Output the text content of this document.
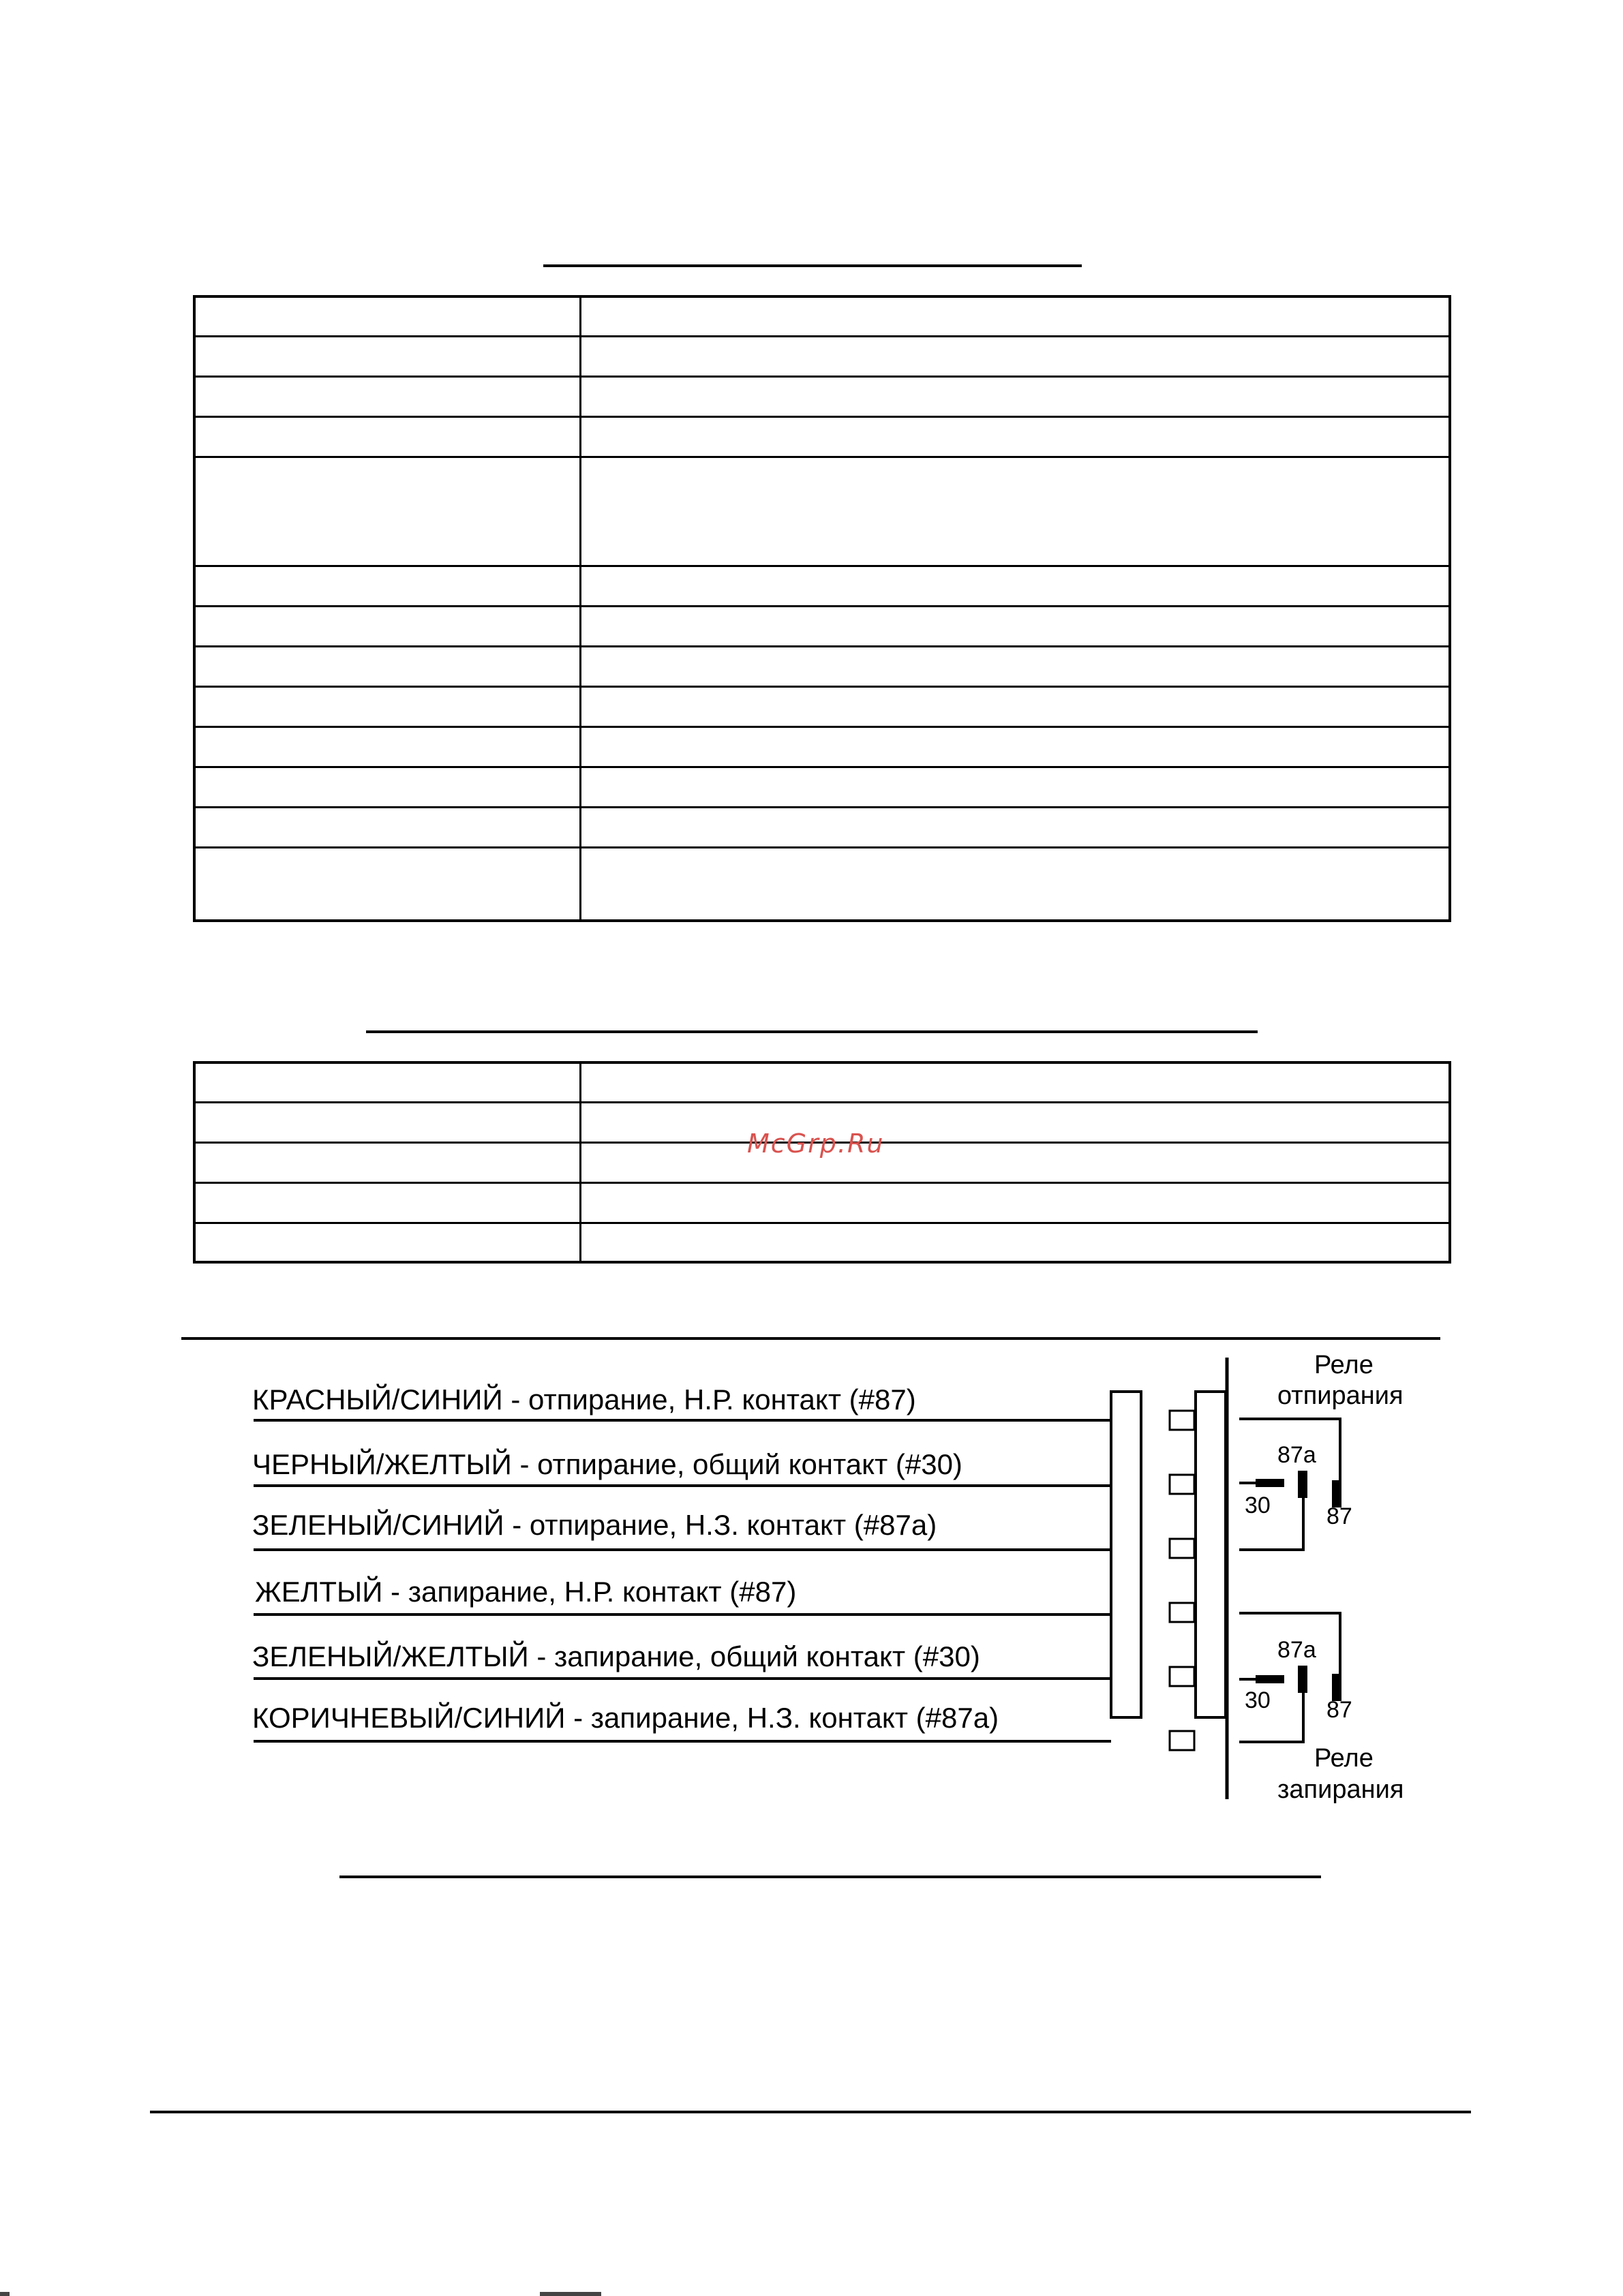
McGrp.Ru
КРАСНЫЙ/СИНИЙ - отпирание, Н.Р. контакт (#87)
ЧЕРНЫЙ/ЖЕЛТЫЙ - отпирание, общий контакт (#30)
ЗЕЛЕНЫЙ/СИНИЙ - отпирание, Н.З. контакт (#87а)
ЖЕЛТЫЙ - запирание, Н.Р. контакт (#87)
ЗЕЛЕНЫЙ/ЖЕЛТЫЙ - запирание, общий контакт (#30)
КОРИЧНЕВЫЙ/СИНИЙ - запирание, Н.З. контакт (#87а)
Реле
отпирания
87a
30 87
87a
30 87
Реле
запирания
